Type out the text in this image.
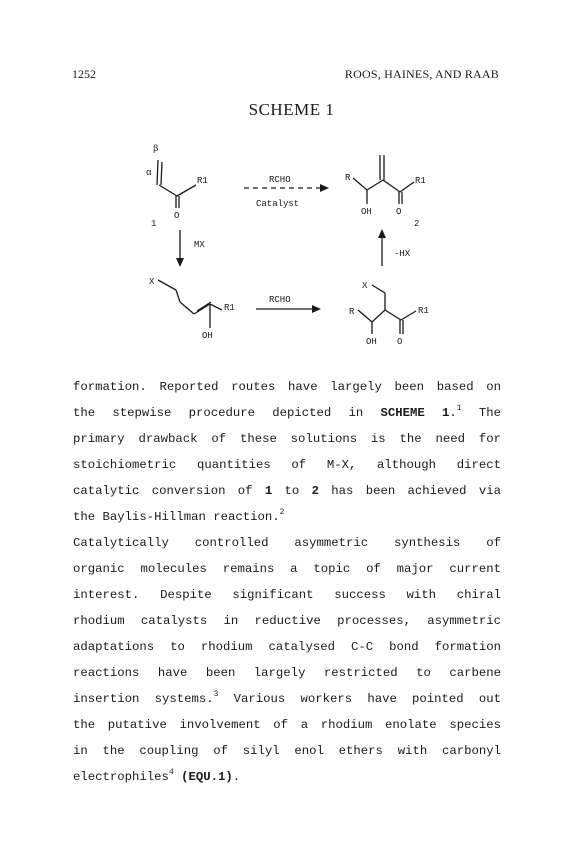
1252	ROOS, HAINES, AND RAAB
SCHEME 1
β
α
R1
O
1
RCHO
Catalyst
R	R1
OH	O
2
MX
-HX
X
R1
OH
RCHO
X
R	R1
OH O
formation. Reported routes have largely been based on
the stepwise procedure depicted in SCHEME 1.$^1$ The
primary drawback of these solutions is the need for
stoichiometric quantities of M-X, although direct
catalytic conversion of 1 to 2 has been achieved via
the Baylis-Hillman reaction.$^2$
Catalytically controlled asymmetric synthesis of
organic molecules remains a topic of major current
interest. Despite significant success with chiral
rhodium catalysts in reductive processes, asymmetric
adaptations to rhodium catalysed C-C bond formation
reactions have been largely restricted to carbene
insertion systems.$^3$ Various workers have pointed out
the putative involvement of a rhodium enolate species
in the coupling of silyl enol ethers with carbonyl
electrophiles$^4$ (EQU.1).
